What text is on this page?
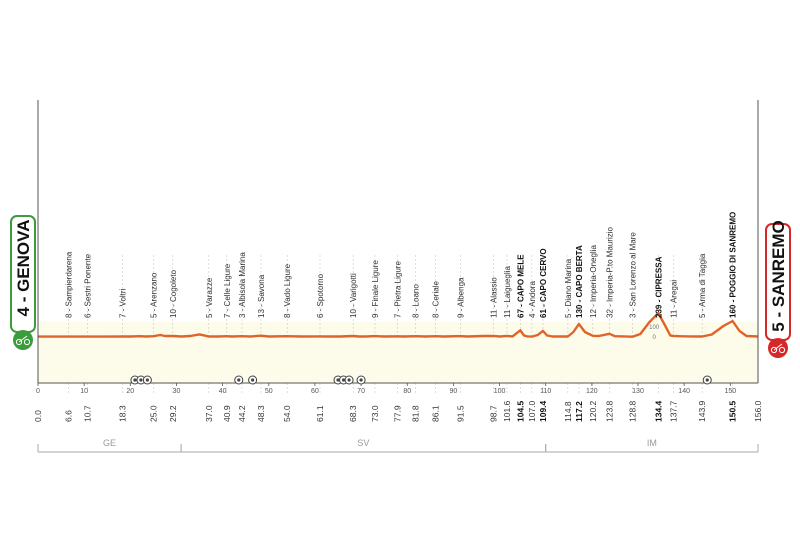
100
0
0	10	20	30	40	50	60	70	80	90	100	110	120	130	140	150
0.0
8 - Sampierdarena
6.6
6 - Sestri Ponente
10.7
7 - Voltri
18.3
5 - Arenzano
25.0
10 - Cogoleto
29.2
5 - Varazze
37.0
7 - Celle Ligure
40.9
3 - Albisola Marina
44.2
13 - Savona
48.3
8 - Vado Ligure
54.0
6 - Spotorno
61.1
10 - Varigotti
68.3
9 - Finale Ligure
73.0
7 - Pietra Ligure
77.9
8 - Loano
81.8
8 - Ceriale
86.1
9 - Albenga
91.5
11 - Alassio
98.7
11 - Laigueglia
101.6
67 - CAPO MELE
104.5
4 - Andora
107.0
61 - CAPO CERVO
109.4
5 - Diano Marina
114.8
130 - CAPO BERTA
117.2
12 - Imperia-Oneglia
120.2
32 - Imperia-P.to Maurizio
123.8
3 - San Lorenzo al Mare
128.8
239 - CIPRESSA
134.4
11 - Aregai
137.7
5 - Arma di Taggia
143.9
160 - POGGIO DI SANREMO
150.5 156.0
GE	SV	IM
4 - GENOVA	5 - SANREMO
